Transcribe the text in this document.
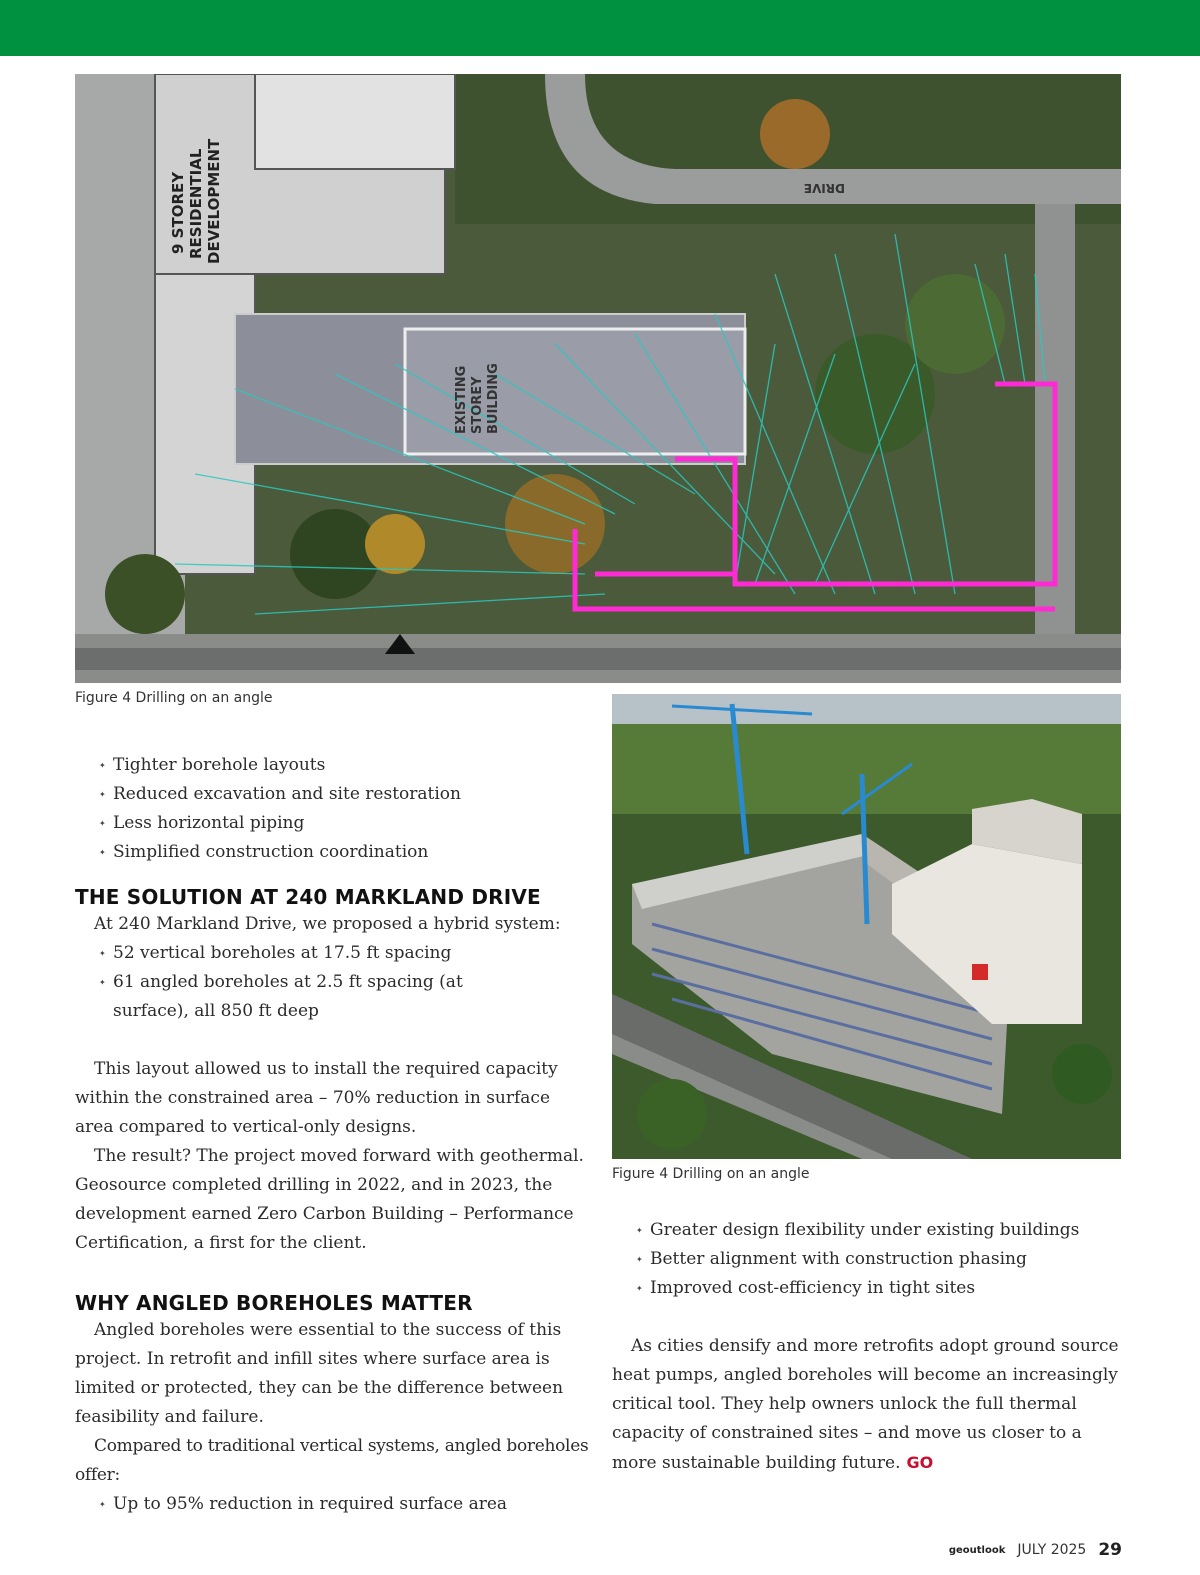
9 STOREY RESIDENTIAL DEVELOPMENT
EXISTING STOREY BUILDING
DRIVE
Figure 4 Drilling on an angle
Figure 4 Drilling on an angle
✦ Tighter borehole layouts
✦ Reduced excavation and site restoration
✦ Less horizontal piping
✦ Simplified construction coordination
THE SOLUTION AT 240 MARKLAND DRIVE

At 240 Markland Drive, we proposed a hybrid system:

✦ 52 vertical boreholes at 17.5 ft spacing
✦ 61 angled boreholes at 2.5 ft spacing (at surface), all 850 ft deep

This layout allowed us to install the required capacity within the constrained area – 70% reduction in surface area compared to vertical-only designs.

The result? The project moved forward with geothermal. Geosource completed drilling in 2022, and in 2023, the development earned Zero Carbon Building – Performance Certification, a first for the client.

WHY ANGLED BOREHOLES MATTER

Angled boreholes were essential to the success of this project. In retrofit and infill sites where surface area is limited or protected, they can be the difference between feasibility and failure.

Compared to traditional vertical systems, angled boreholes offer:

✦ Up to 95% reduction in required surface area
✦ Greater design flexibility under existing buildings
✦ Better alignment with construction phasing
✦ Improved cost-efficiency in tight sites

As cities densify and more retrofits adopt ground source heat pumps, angled boreholes will become an increasingly critical tool. They help owners unlock the full thermal capacity of constrained sites – and move us closer to a more sustainable building future. GO

geoutlook JULY 2025 29
